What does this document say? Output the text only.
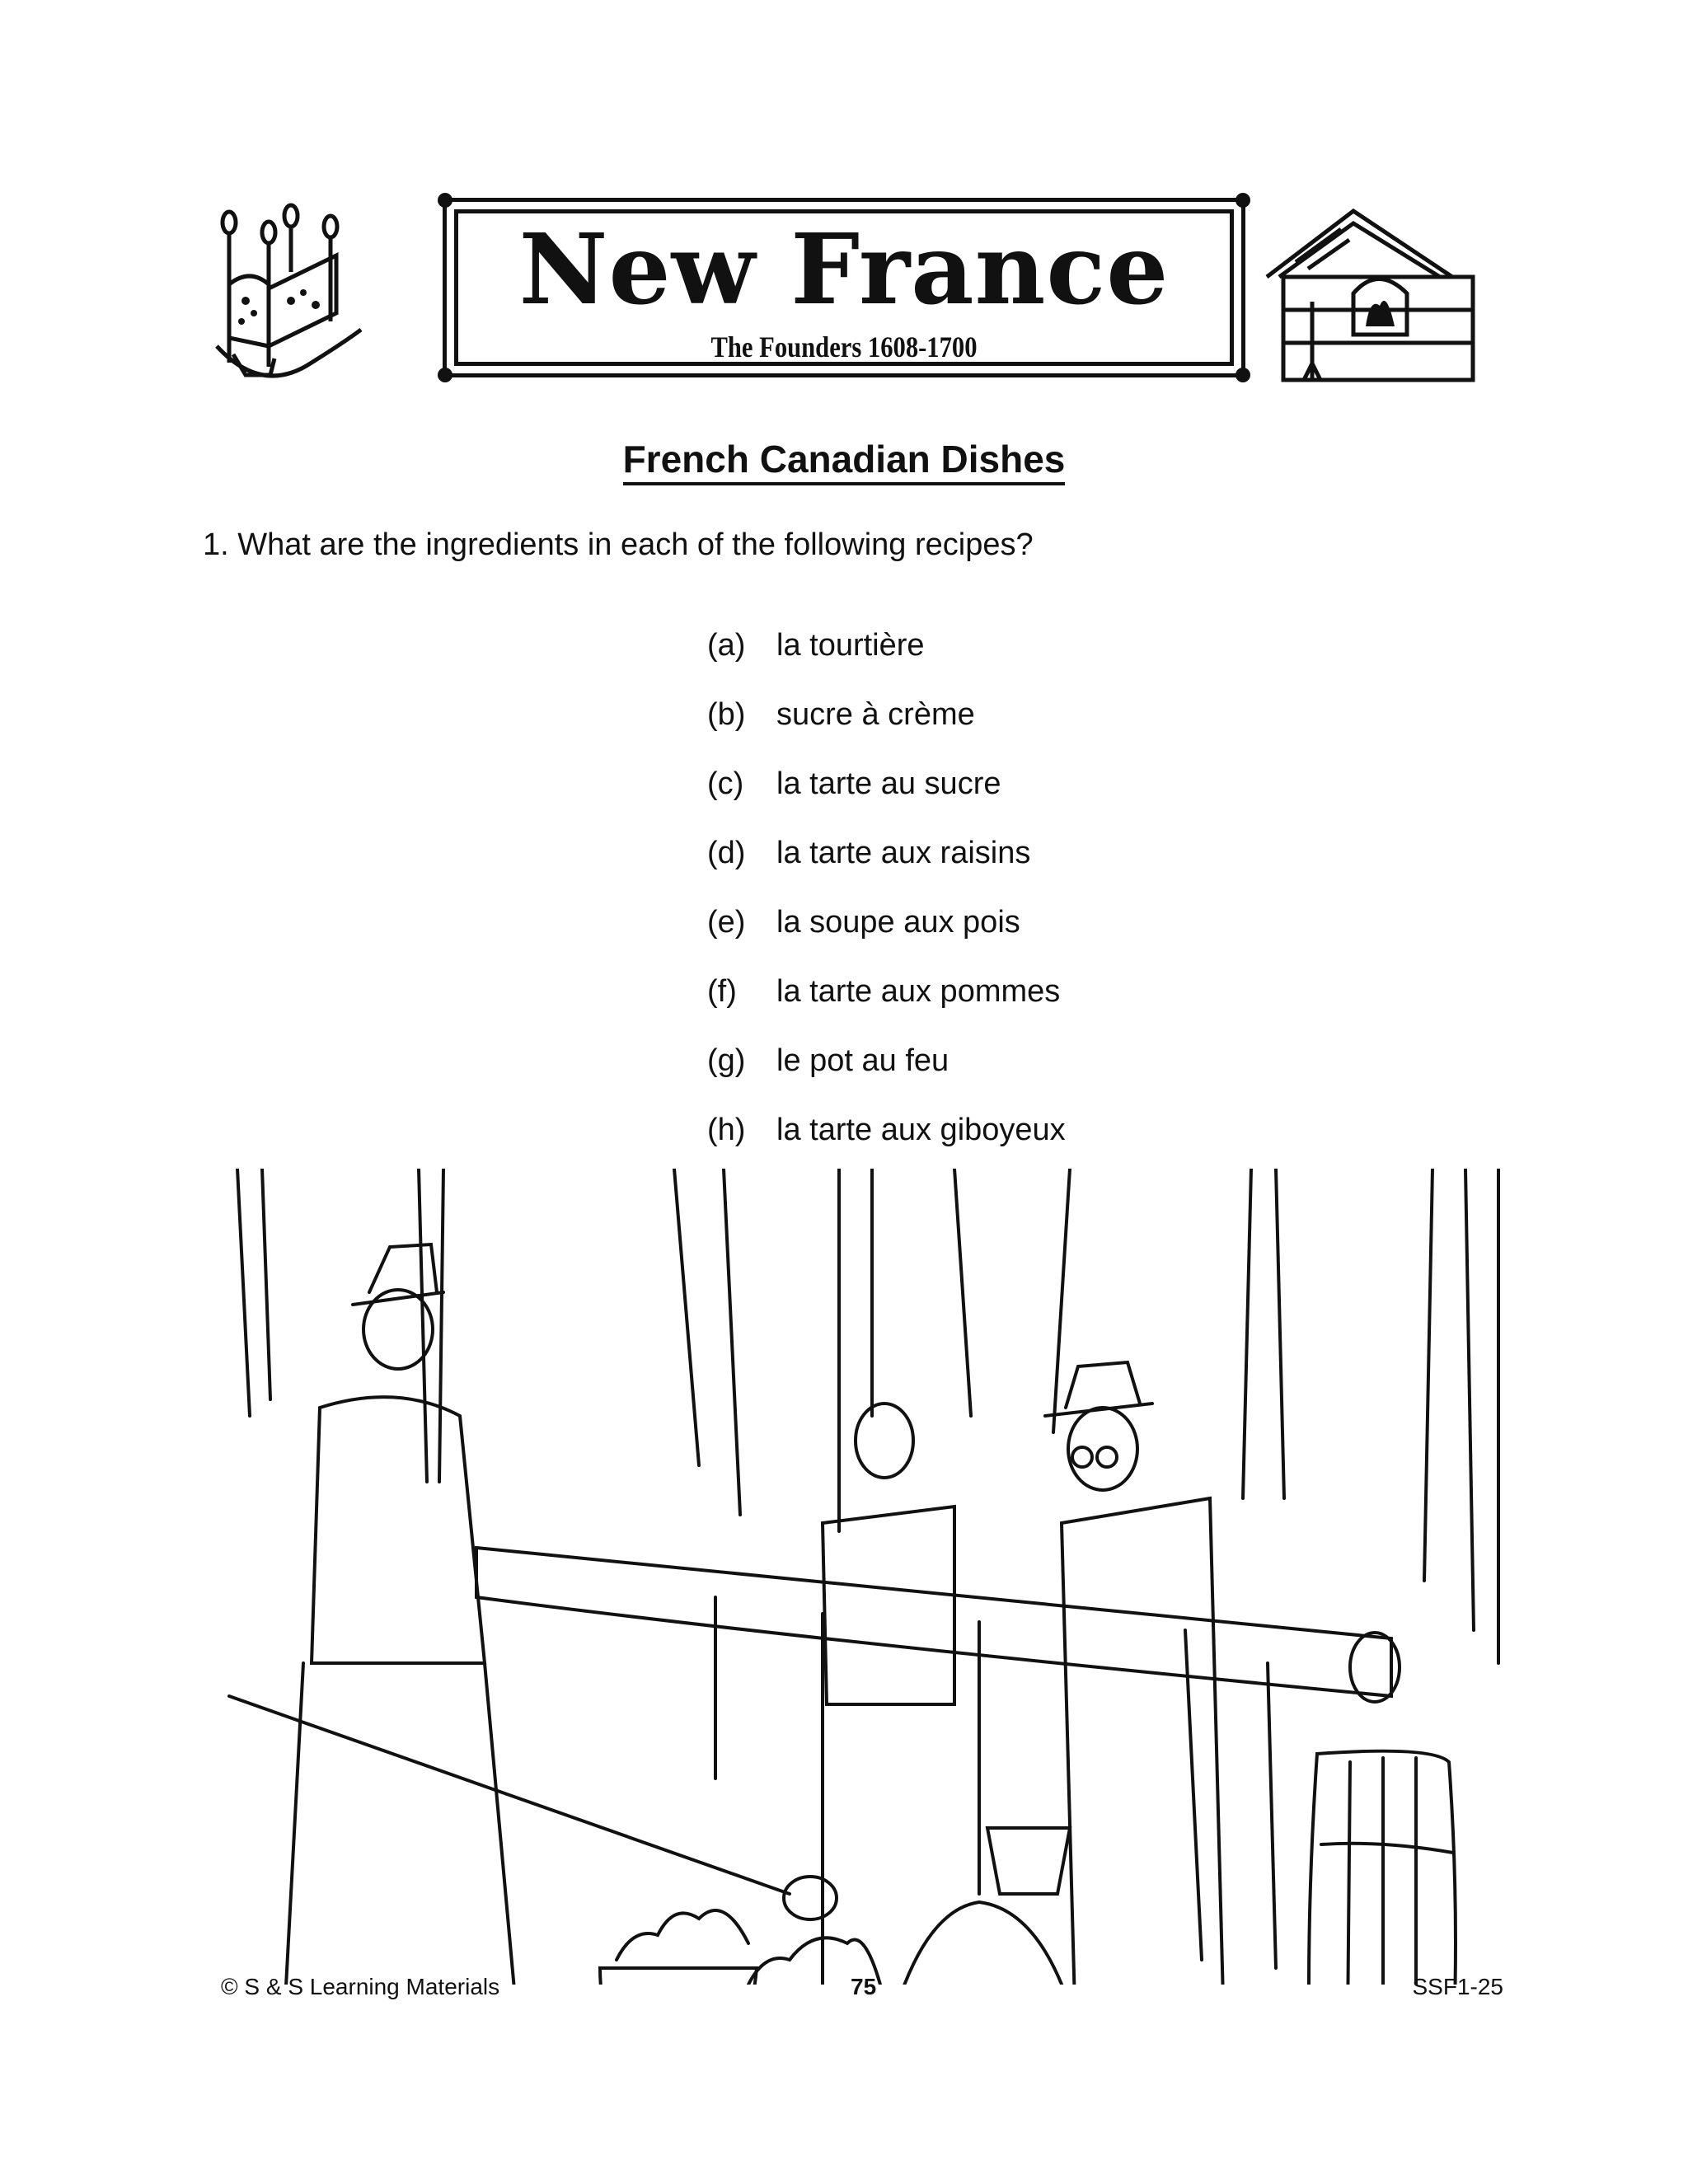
New France
The Founders 1608-1700
French Canadian Dishes
1. What are the ingredients in each of the following recipes?
(a) la tourtière
(b) sucre à crème
(c)	la tarte au sucre
(d) la tarte aux raisins
(e) la soupe aux pois
(f)	la tarte aux pommes
(g) le pot au feu
(h) la tarte aux giboyeux
© S & S Learning Materials	75	SSF1-25
